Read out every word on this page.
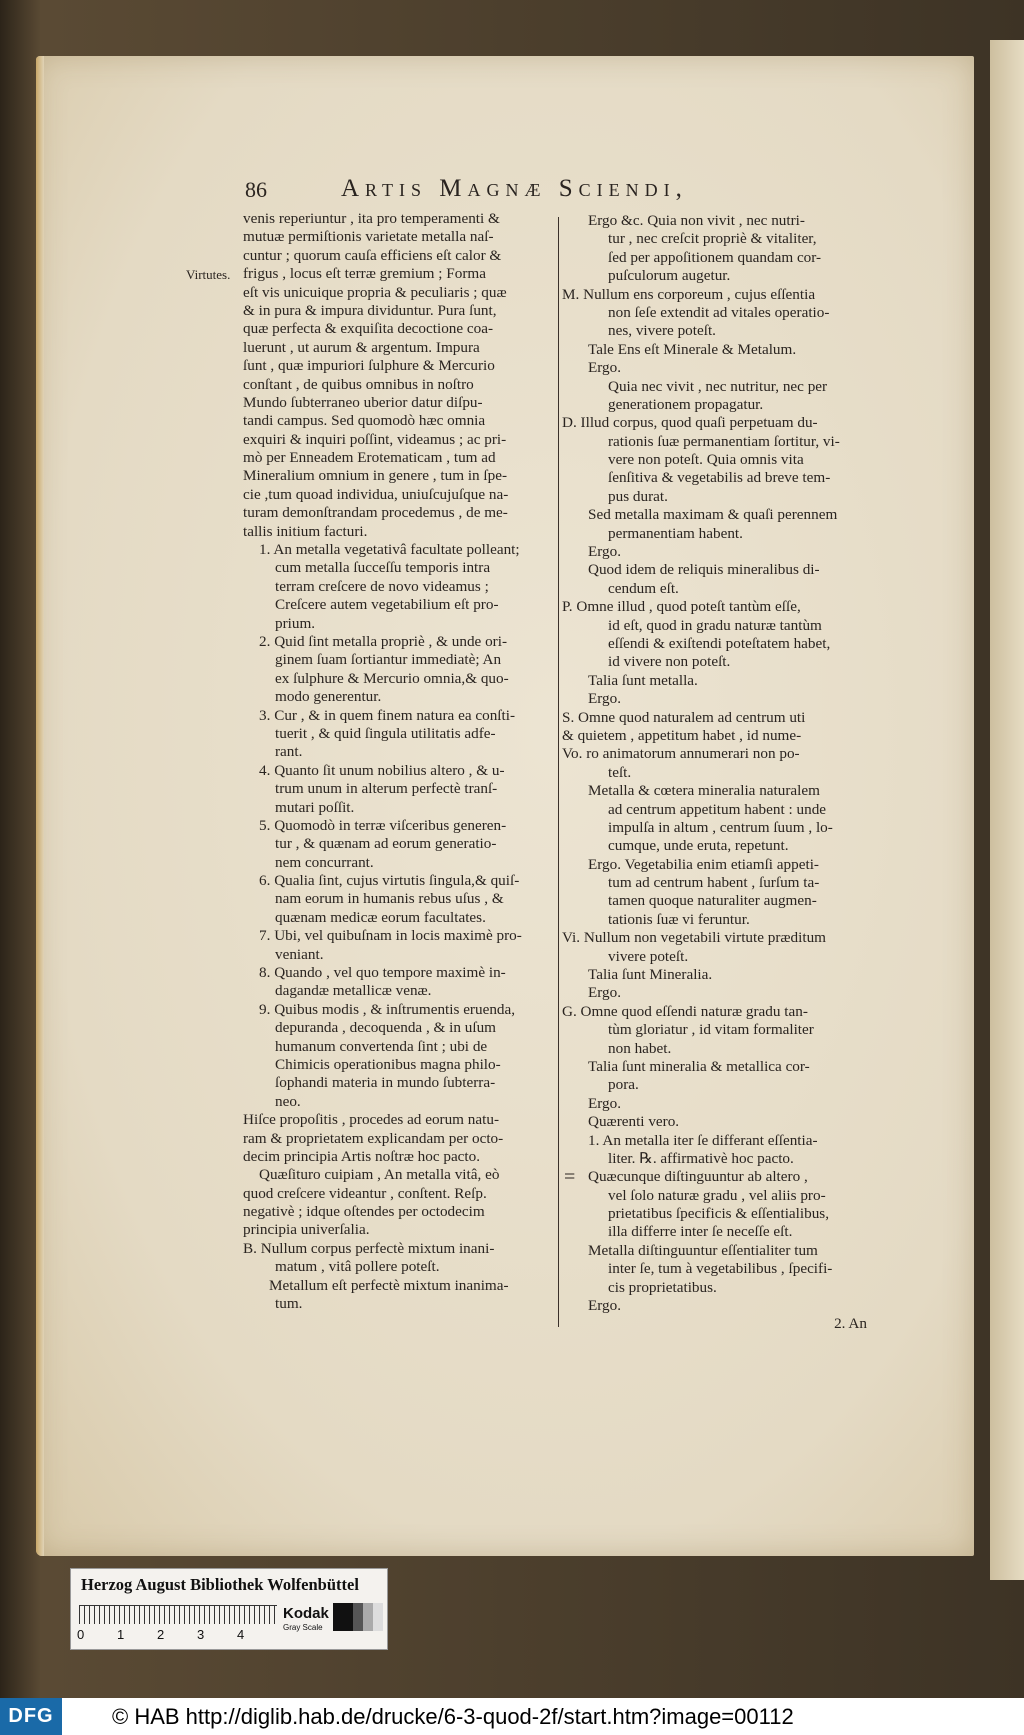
86	Artis Magnæ Sciendi,
Virtutes.
venis reperiuntur , ita pro temperamenti &
mutuæ permiſtionis varietate metalla naſ-
cuntur ; quorum cauſa efficiens eſt calor &
frigus , locus eſt terræ gremium ; Forma
eſt vis unicuique propria & peculiaris ; quæ
& in pura & impura dividuntur. Pura ſunt,
quæ perfecta & exquiſita decoctione coa-
luerunt , ut aurum & argentum. Impura
ſunt , quæ impuriori ſulphure & Mercurio
conſtant , de quibus omnibus in noſtro
Mundo ſubterraneo uberior datur diſpu-
tandi campus. Sed quomodò hæc omnia
exquiri & inquiri poſſint, videamus ; ac pri-
mò per Enneadem Erotematicam , tum ad
Mineralium omnium in genere , tum in ſpe-
cie ,tum quoad individua, uniuſcujuſque na-
turam demonſtrandam procedemus , de me-
tallis initium facturi.
1. An metalla vegetativâ facultate polleant;
cum metalla ſucceſſu temporis intra
terram creſcere de novo videamus ;
Creſcere autem vegetabilium eſt pro-
prium.
2. Quid ſint metalla propriè , & unde ori-
ginem ſuam ſortiantur immediatè; An
ex ſulphure & Mercurio omnia,& quo-
modo generentur.
3. Cur , & in quem finem natura ea conſti-
tuerit , & quid ſingula utilitatis adfe-
rant.
4. Quanto ſit unum nobilius altero , & u-
trum unum in alterum perfectè tranſ-
mutari poſſit.
5. Quomodò in terræ viſceribus generen-
tur , & quænam ad eorum generatio-
nem concurrant.
6. Qualia ſint, cujus virtutis ſingula,& quiſ-
nam eorum in humanis rebus uſus , &
quænam medicæ eorum facultates.
7. Ubi, vel quibuſnam in locis maximè pro-
veniant.
8. Quando , vel quo tempore maximè in-
dagandæ metallicæ venæ.
9. Quibus modis , & inſtrumentis eruenda,
depuranda , decoquenda , & in uſum
humanum convertenda ſint ; ubi de
Chimicis operationibus magna philo-
ſophandi materia in mundo ſubterra-
neo.
Hiſce propoſitis , procedes ad eorum natu-
ram & proprietatem explicandam per octo-
decim principia Artis noſtræ hoc pacto.
Quæſituro cuipiam , An metalla vitâ, eò
quod creſcere videantur , conſtent. Reſp.
negativè ; idque oſtendes per octodecim
principia univerſalia.
B. Nullum corpus perfectè mixtum inani-
matum , vitâ pollere poteſt.
Metallum eſt perfectè mixtum inanima-
tum.
Ergo &c. Quia non vivit , nec nutri-
tur , nec creſcit propriè & vitaliter,
ſed per appoſitionem quandam cor-
puſculorum augetur.
M. Nullum ens corporeum , cujus eſſentia
non ſeſe extendit ad vitales operatio-
nes, vivere poteſt.
Tale Ens eſt Minerale & Metalum.
Ergo.
Quia nec vivit , nec nutritur, nec per
generationem propagatur.
D. Illud corpus, quod quaſi perpetuam du-
rationis ſuæ permanentiam ſortitur, vi-
vere non poteſt. Quia omnis vita
ſenſitiva & vegetabilis ad breve tem-
pus durat.
Sed metalla maximam & quaſi perennem
permanentiam habent.
Ergo.
Quod idem de reliquis mineralibus di-
cendum eſt.
P. Omne illud , quod poteſt tantùm eſſe,
id eſt, quod in gradu naturæ tantùm
eſſendi & exiſtendi poteſtatem habet,
id vivere non poteſt.
Talia ſunt metalla.
Ergo.
S. Omne quod naturalem ad centrum uti
& quietem , appetitum habet , id nume-
Vo. ro animatorum annumerari non po-
teſt.
Metalla & cœtera mineralia naturalem
ad centrum appetitum habent : unde
impulſa in altum , centrum ſuum , lo-
cumque, unde eruta, repetunt.
Ergo. Vegetabilia enim etiamſi appeti-
tum ad centrum habent , ſurſum ta-
tamen quoque naturaliter augmen-
tationis ſuæ vi feruntur.
Vi. Nullum non vegetabili virtute præditum
vivere poteſt.
Talia ſunt Mineralia.
Ergo.
G. Omne quod eſſendi naturæ gradu tan-
tùm gloriatur , id vitam formaliter
non habet.
Talia ſunt mineralia & metallica cor-
pora.
Ergo.
Quærenti vero.
1. An metalla iter ſe differant eſſentia-
liter. ℞. affirmativè hoc pacto.
Quæcunque diſtinguuntur ab altero ,
vel ſolo naturæ gradu , vel aliis pro-
prietatibus ſpecificis & eſſentialibus,
illa differre inter ſe neceſſe eſt.
Metalla diſtinguuntur eſſentialiter tum
inter ſe, tum à vegetabilibus , ſpecifi-
cis proprietatibus.
Ergo.
2. An
=
Herzog August Bibliothek Wolfenbüttel
0	1	2	3	4
Kodak
Gray Scale
DFG	© HAB http://diglib.hab.de/drucke/6-3-quod-2f/start.htm?image=00112
